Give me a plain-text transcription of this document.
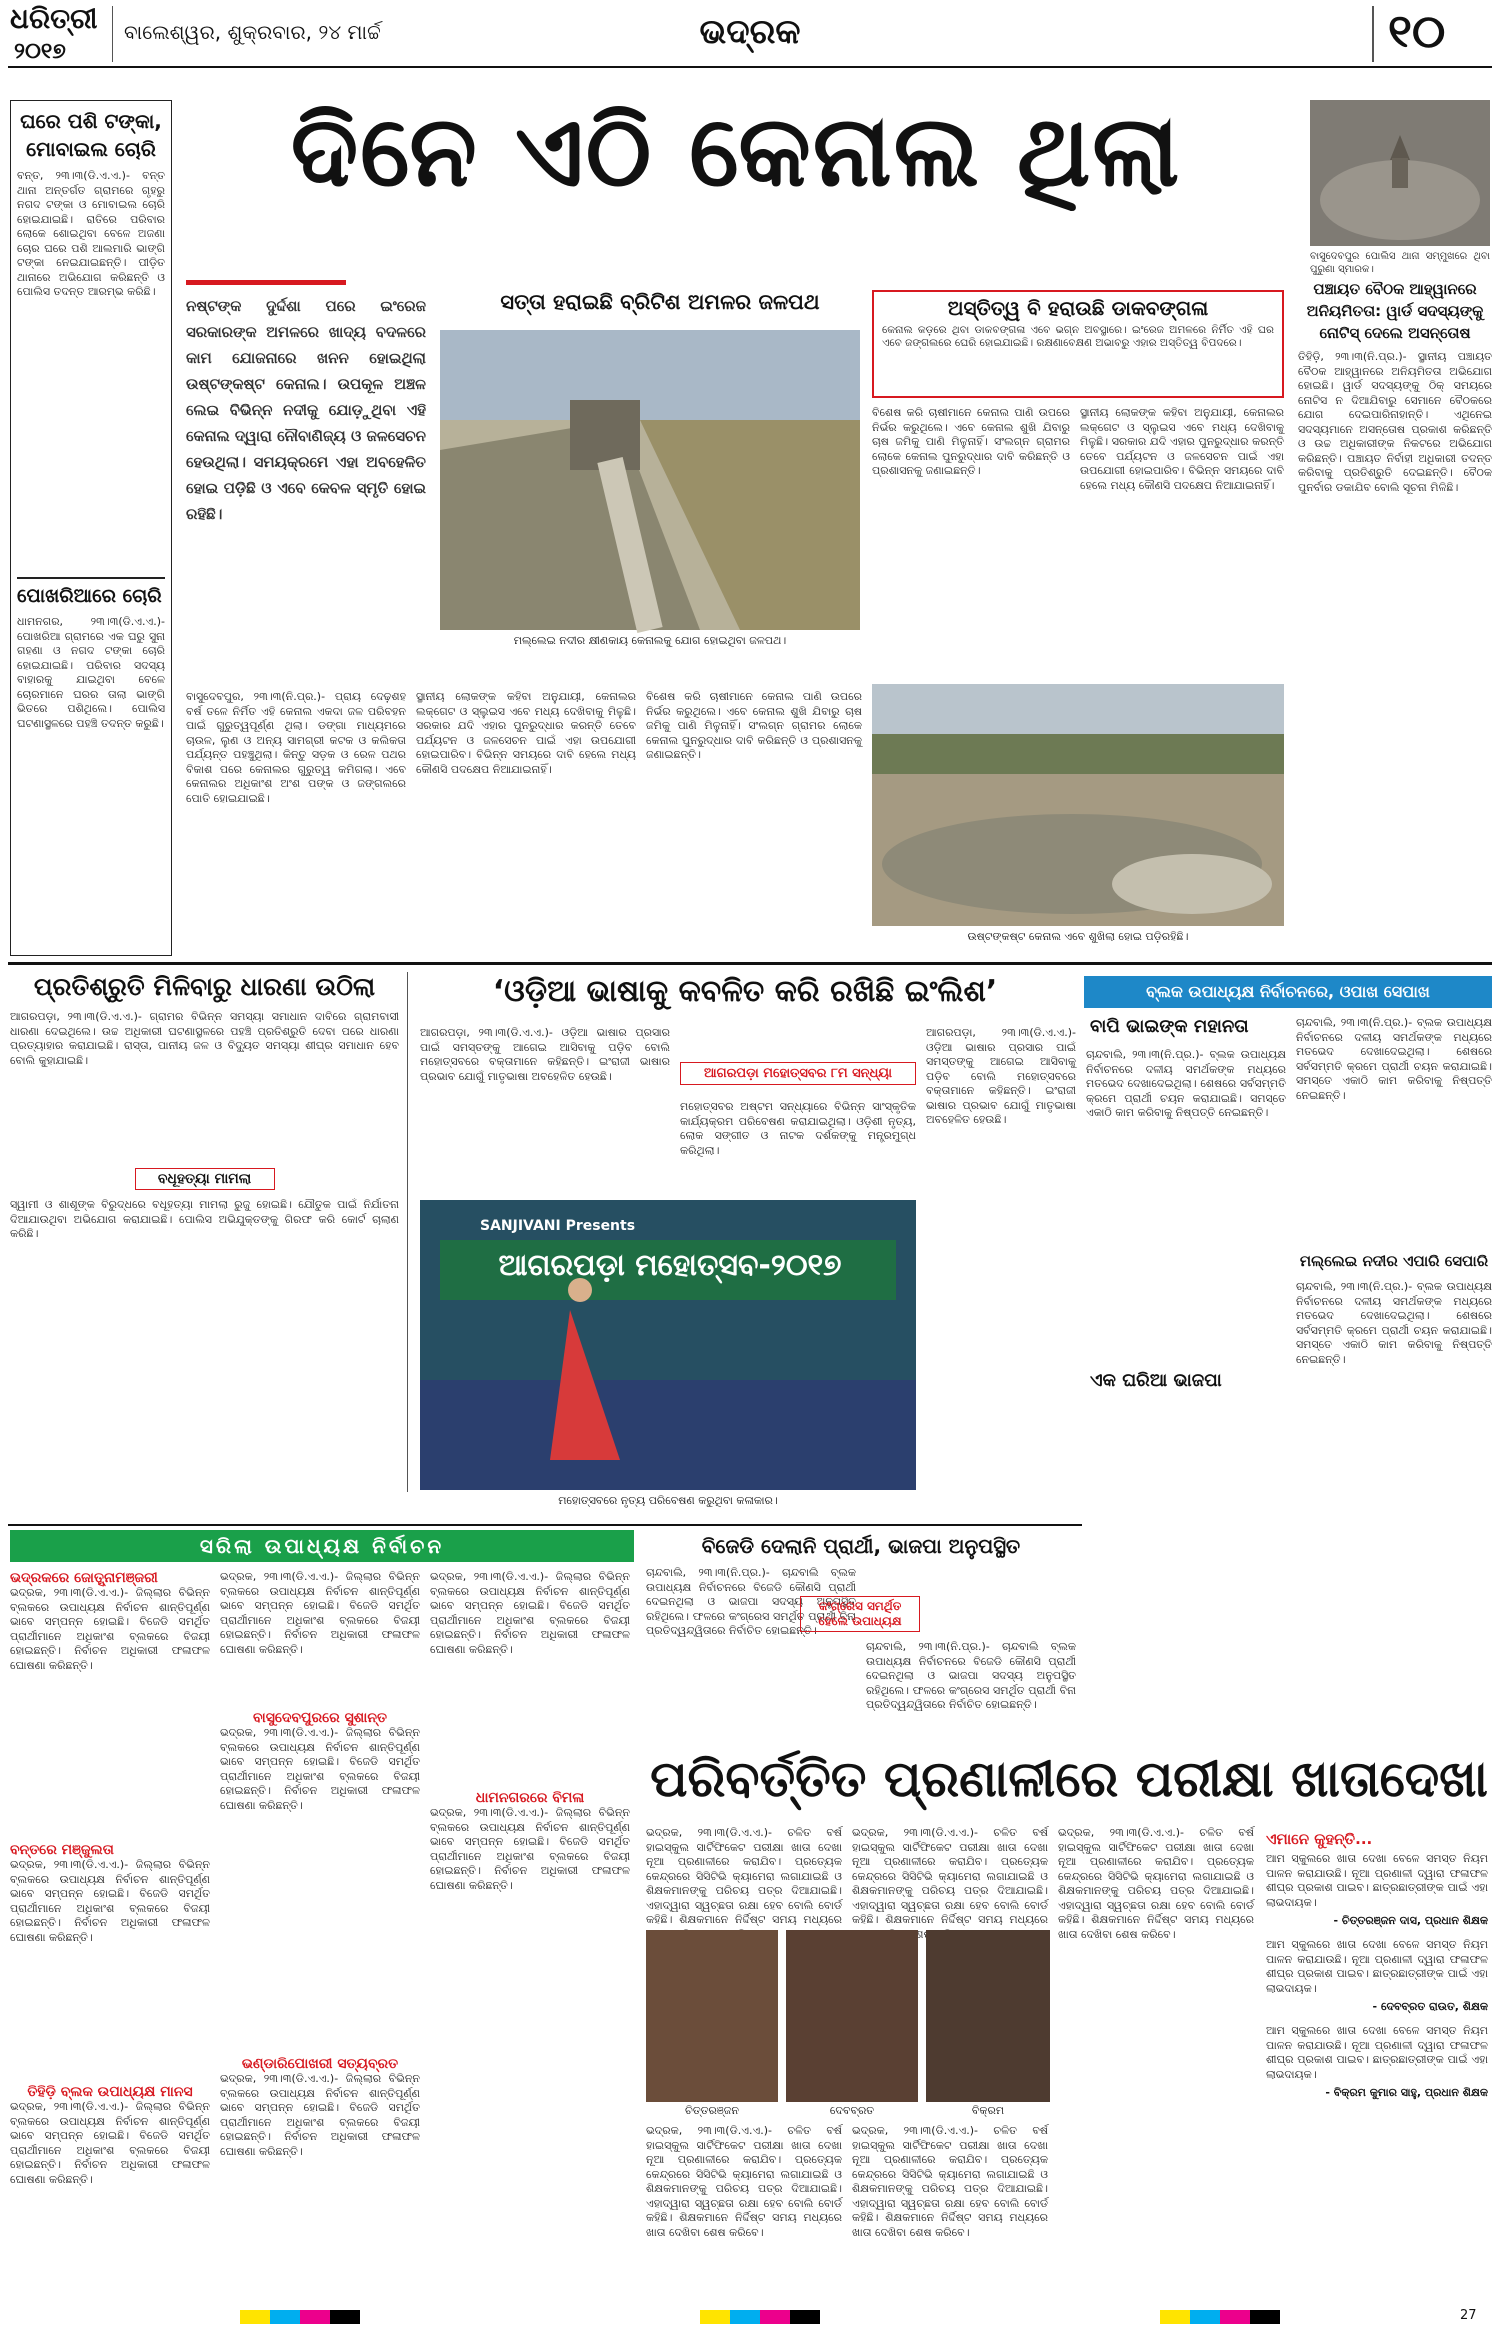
ଧରିତ୍ରୀ
୨୦୧୭
ବାଲେଶ୍ୱର, ଶୁକ୍ରବାର, ୨୪ ମାର୍ଚ୍ଚ	ଭଦ୍ରକ	୧୦
ଘରେ ପଶି ଟଙ୍କା, ମୋବାଇଲ ଚୋରି
ବନ୍ତ, ୨୩।୩(ଡି.ଏ.ଏ.)- ବନ୍ତ ଥାନା ଅନ୍ତର୍ଗତ ଗ୍ରାମରେ ଗୃହରୁ ନଗଦ ଟଙ୍କା ଓ ମୋବାଇଲ ଚୋରି ହୋଇଯାଇଛି। ରାତିରେ ପରିବାର ଲୋକେ ଶୋଇଥିବା ବେଳେ ଅଜଣା ଚୋର ଘରେ ପଶି ଆଲମାରି ଭାଙ୍ଗି ଟଙ୍କା ନେଇଯାଇଛନ୍ତି। ପୀଡ଼ିତ ଥାନାରେ ଅଭିଯୋଗ କରିଛନ୍ତି ଓ ପୋଲିସ ତଦନ୍ତ ଆରମ୍ଭ କରିଛି।
ପୋଖରିଆରେ ଚୋରି
ଧାମନଗର, ୨୩।୩(ଡି.ଏ.ଏ.)- ପୋଖରିଆ ଗ୍ରାମରେ ଏକ ଘରୁ ସୁନା ଗହଣା ଓ ନଗଦ ଟଙ୍କା ଚୋରି ହୋଇଯାଇଛି। ପରିବାର ସଦସ୍ୟ ବାହାରକୁ ଯାଇଥିବା ବେଳେ ଚୋରମାନେ ଘରର ତାଲା ଭାଙ୍ଗି ଭିତରେ ପଶିଥିଲେ। ପୋଲିସ ଘଟଣାସ୍ଥଳରେ ପହଞ୍ଚି ତଦନ୍ତ କରୁଛି।
ଦିନେ ଏଠି କେନାଲ ଥିଲା
ବାସୁଦେବପୁର ପୋଲିସ ଥାନା ସମ୍ମୁଖରେ ଥିବା ପୁରୁଣା ସ୍ମାରକ।
ନଷ୍ଟଙ୍କ ଦୁର୍ଦ୍ଦଶା ପରେ ଇଂରେଜ ସରକାରଙ୍କ ଅମଳରେ ଖାଦ୍ୟ ବଦଳରେ କାମ ଯୋଜନାରେ ଖନନ ହୋଇଥିଲା ଉଷ୍ଟଙ୍କଷ୍ଟ କେନାଲ। ଉପକୂଳ ଅଞ୍ଚଳ ଲେଇ ବିଭିନ୍ନ ନଦୀକୁ ଯୋଡ଼ୁଥିବା ଏହି କେନାଲ ଦ୍ୱାରା ନୌବାଣିଜ୍ୟ ଓ ଜଳସେଚନ ହେଉଥିଲା। ସମୟକ୍ରମେ ଏହା ଅବହେଳିତ ହୋଇ ପଡ଼ିଛି ଓ ଏବେ କେବଳ ସ୍ମୃତି ହୋଇ ରହିଛି।
ସତ୍ତା ହରାଇଛି ବ୍ରିଟିଶ ଅମଳର ଜଳପଥ
ମଲ୍ଲେଇ ନଦୀର କ୍ଷୀଣକାୟ କେନାଲକୁ ଯୋଗ ହୋଇଥିବା ଜଳପଥ।
ଅସ୍ତିତ୍ୱ ବି ହରାଉଛି ଡାକବଙ୍ଗଳା
କେନାଲ କଡ଼ରେ ଥିବା ଡାକବଙ୍ଗଳା ଏବେ ଭଗ୍ନ ଅବସ୍ଥାରେ। ଇଂରେଜ ଅମଳରେ ନିର୍ମିତ ଏହି ଘର ଏବେ ଜଙ୍ଗଲରେ ଘେରି ହୋଇଯାଇଛି। ରକ୍ଷଣାବେକ୍ଷଣ ଅଭାବରୁ ଏହାର ଅସ୍ତିତ୍ୱ ବିପଦରେ।
ବିଶେଷ କରି ଚାଷୀମାନେ କେନାଲ ପାଣି ଉପରେ ନିର୍ଭର କରୁଥିଲେ। ଏବେ କେନାଲ ଶୁଖି ଯିବାରୁ ଚାଷ ଜମିକୁ ପାଣି ମିଳୁନାହିଁ। ସଂଲଗ୍ନ ଗ୍ରାମର ଲୋକେ କେନାଲ ପୁନରୁଦ୍ଧାର ଦାବି କରିଛନ୍ତି ଓ ପ୍ରଶାସନକୁ ଜଣାଇଛନ୍ତି।
ସ୍ଥାନୀୟ ଲୋକଙ୍କ କହିବା ଅନୁଯାୟୀ, କେନାଲର ଲକ୍‌ଗେଟ ଓ ସ୍ଲୁଇସ ଏବେ ମଧ୍ୟ ଦେଖିବାକୁ ମିଳୁଛି। ସରକାର ଯଦି ଏହାର ପୁନରୁଦ୍ଧାର କରନ୍ତି ତେବେ ପର୍ଯ୍ୟଟନ ଓ ଜଳସେଚନ ପାଇଁ ଏହା ଉପଯୋଗୀ ହୋଇପାରିବ। ବିଭିନ୍ନ ସମୟରେ ଦାବି ହେଲେ ମଧ୍ୟ କୌଣସି ପଦକ୍ଷେପ ନିଆଯାଇନାହିଁ।
ଉଷ୍ଟଙ୍କଷ୍ଟ କେନାଲ ଏବେ ଶୁଖିଲା ହୋଇ ପଡ଼ିରହିଛି।
ବାସୁଦେବପୁର, ୨୩।୩(ନି.ପ୍ର.)- ପ୍ରାୟ ଦେଢ଼ଶହ ବର୍ଷ ତଳେ ନିର୍ମିତ ଏହି କେନାଲ ଏକଦା ଜଳ ପରିବହନ ପାଇଁ ଗୁରୁତ୍ୱପୂର୍ଣ୍ଣ ଥିଲା। ଡଙ୍ଗା ମାଧ୍ୟମରେ ଚାଉଳ, ଲୁଣ ଓ ଅନ୍ୟ ସାମଗ୍ରୀ କଟକ ଓ କଲିକତା ପର୍ଯ୍ୟନ୍ତ ପହଞ୍ଚୁଥିଲା। କିନ୍ତୁ ସଡ଼କ ଓ ରେଳ ପଥର ବିକାଶ ପରେ କେନାଲର ଗୁରୁତ୍ୱ କମିଗଲା। ଏବେ କେନାଲର ଅଧିକାଂଶ ଅଂଶ ପଙ୍କ ଓ ଜଙ୍ଗଲରେ ପୋତି ହୋଇଯାଇଛି।
ସ୍ଥାନୀୟ ଲୋକଙ୍କ କହିବା ଅନୁଯାୟୀ, କେନାଲର ଲକ୍‌ଗେଟ ଓ ସ୍ଲୁଇସ ଏବେ ମଧ୍ୟ ଦେଖିବାକୁ ମିଳୁଛି। ସରକାର ଯଦି ଏହାର ପୁନରୁଦ୍ଧାର କରନ୍ତି ତେବେ ପର୍ଯ୍ୟଟନ ଓ ଜଳସେଚନ ପାଇଁ ଏହା ଉପଯୋଗୀ ହୋଇପାରିବ। ବିଭିନ୍ନ ସମୟରେ ଦାବି ହେଲେ ମଧ୍ୟ କୌଣସି ପଦକ୍ଷେପ ନିଆଯାଇନାହିଁ।
ବିଶେଷ କରି ଚାଷୀମାନେ କେନାଲ ପାଣି ଉପରେ ନିର୍ଭର କରୁଥିଲେ। ଏବେ କେନାଲ ଶୁଖି ଯିବାରୁ ଚାଷ ଜମିକୁ ପାଣି ମିଳୁନାହିଁ। ସଂଲଗ୍ନ ଗ୍ରାମର ଲୋକେ କେନାଲ ପୁନରୁଦ୍ଧାର ଦାବି କରିଛନ୍ତି ଓ ପ୍ରଶାସନକୁ ଜଣାଇଛନ୍ତି।
ପଞ୍ଚାୟତ ବୈଠକ ଆହ୍ୱାନରେ ଅନିୟମିତତା: ୱାର୍ଡ ସଦସ୍ୟଙ୍କୁ ନୋଟିସ୍ ଦେଲେ ଅସନ୍ତୋଷ
ତିହିଡ଼ି, ୨୩।୩(ନି.ପ୍ର.)- ସ୍ଥାନୀୟ ପଞ୍ଚାୟତ ବୈଠକ ଆହ୍ୱାନରେ ଅନିୟମିତତା ଅଭିଯୋଗ ହୋଇଛି। ୱାର୍ଡ ସଦସ୍ୟଙ୍କୁ ଠିକ୍ ସମୟରେ ନୋଟିସ ନ ଦିଆଯିବାରୁ ସେମାନେ ବୈଠକରେ ଯୋଗ ଦେଇପାରିନାହାନ୍ତି। ଏଥିନେଇ ସଦସ୍ୟମାନେ ଅସନ୍ତୋଷ ପ୍ରକାଶ କରିଛନ୍ତି ଓ ଉଚ୍ଚ ଅଧିକାରୀଙ୍କ ନିକଟରେ ଅଭିଯୋଗ କରିଛନ୍ତି। ପଞ୍ଚାୟତ ନିର୍ବାହୀ ଅଧିକାରୀ ତଦନ୍ତ କରିବାକୁ ପ୍ରତିଶ୍ରୁତି ଦେଇଛନ୍ତି। ବୈଠକ ପୁନର୍ବାର ଡକାଯିବ ବୋଲି ସୂଚନା ମିଳିଛି।
ପ୍ରତିଶ୍ରୁତି ମିଳିବାରୁ ଧାରଣା ଉଠିଲା
ଆଗରପଡ଼ା, ୨୩।୩(ଡି.ଏ.ଏ.)- ଗ୍ରାମର ବିଭିନ୍ନ ସମସ୍ୟା ସମାଧାନ ଦାବିରେ ଗ୍ରାମବାସୀ ଧାରଣା ଦେଇଥିଲେ। ଉଚ୍ଚ ଅଧିକାରୀ ଘଟଣାସ୍ଥଳରେ ପହଞ୍ଚି ପ୍ରତିଶ୍ରୁତି ଦେବା ପରେ ଧାରଣା ପ୍ରତ୍ୟାହାର କରାଯାଇଛି। ରାସ୍ତା, ପାନୀୟ ଜଳ ଓ ବିଦ୍ୟୁତ ସମସ୍ୟା ଶୀଘ୍ର ସମାଧାନ ହେବ ବୋଲି କୁହାଯାଇଛି।
ବଧୂହତ୍ୟା ମାମଲା
ସ୍ୱାମୀ ଓ ଶାଶୂଙ୍କ ବିରୁଦ୍ଧରେ ବଧୂହତ୍ୟା ମାମଲା ରୁଜୁ ହୋଇଛି। ଯୌତୁକ ପାଇଁ ନିର୍ଯାତନା ଦିଆଯାଉଥିବା ଅଭିଯୋଗ କରାଯାଇଛି। ପୋଲିସ ଅଭିଯୁକ୍ତଙ୍କୁ ଗିରଫ କରି କୋର୍ଟ ଚାଲାଣ କରିଛି।
‘ଓଡ଼ିଆ ଭାଷାକୁ କବଳିତ କରି ରଖିଛି ଇଂଲିଶ’
ଆଗରପଡ଼ା, ୨୩।୩(ଡି.ଏ.ଏ.)- ଓଡ଼ିଆ ଭାଷାର ପ୍ରସାର ପାଇଁ ସମସ୍ତଙ୍କୁ ଆଗେଇ ଆସିବାକୁ ପଡ଼ିବ ବୋଲି ମହୋତ୍ସବରେ ବକ୍ତାମାନେ କହିଛନ୍ତି। ଇଂରାଜୀ ଭାଷାର ପ୍ରଭାବ ଯୋଗୁଁ ମାତୃଭାଷା ଅବହେଳିତ ହେଉଛି।	ଆଗରପଡ଼ା ମହୋତ୍ସବର ୮ମ ସନ୍ଧ୍ୟା
ମହୋତ୍ସବର ଅଷ୍ଟମ ସନ୍ଧ୍ୟାରେ ବିଭିନ୍ନ ସାଂସ୍କୃତିକ କାର୍ଯ୍ୟକ୍ରମ ପରିବେଷଣ କରାଯାଇଥିଲା। ଓଡ଼ିଶୀ ନୃତ୍ୟ, ଲୋକ ସଙ୍ଗୀତ ଓ ନାଟକ ଦର୍ଶକଙ୍କୁ ମନ୍ତ୍ରମୁଗ୍ଧ କରିଥିଲା।
ଆଗରପଡ଼ା, ୨୩।୩(ଡି.ଏ.ଏ.)- ଓଡ଼ିଆ ଭାଷାର ପ୍ରସାର ପାଇଁ ସମସ୍ତଙ୍କୁ ଆଗେଇ ଆସିବାକୁ ପଡ଼ିବ ବୋଲି ମହୋତ୍ସବରେ ବକ୍ତାମାନେ କହିଛନ୍ତି। ଇଂରାଜୀ ଭାଷାର ପ୍ରଭାବ ଯୋଗୁଁ ମାତୃଭାଷା ଅବହେଳିତ ହେଉଛି।
SANJIVANI Presents
ଆଗରପଡ଼ା ମହୋତ୍ସବ-୨୦୧୭
ମହୋତ୍ସବରେ ନୃତ୍ୟ ପରିବେଷଣ କରୁଥିବା କଳାକାର।
ବ୍ଲକ ଉପାଧ୍ୟକ୍ଷ ନିର୍ବାଚନରେ, ଓପାଖ ସେପାଖ
ବାପି ଭାଇଙ୍କ ମହାନତା
ଚାନ୍ଦବାଲି, ୨୩।୩(ନି.ପ୍ର.)- ବ୍ଲକ ଉପାଧ୍ୟକ୍ଷ ନିର୍ବାଚନରେ ଦଳୀୟ ସମର୍ଥକଙ୍କ ମଧ୍ୟରେ ମତଭେଦ ଦେଖାଦେଇଥିଲା। ଶେଷରେ ସର୍ବସମ୍ମତି କ୍ରମେ ପ୍ରାର୍ଥୀ ଚୟନ କରାଯାଇଛି। ସମସ୍ତେ ଏକାଠି କାମ କରିବାକୁ ନିଷ୍ପତ୍ତି ନେଇଛନ୍ତି।
ଚାନ୍ଦବାଲି, ୨୩।୩(ନି.ପ୍ର.)- ବ୍ଲକ ଉପାଧ୍ୟକ୍ଷ ନିର୍ବାଚନରେ ଦଳୀୟ ସମର୍ଥକଙ୍କ ମଧ୍ୟରେ ମତଭେଦ ଦେଖାଦେଇଥିଲା। ଶେଷରେ ସର୍ବସମ୍ମତି କ୍ରମେ ପ୍ରାର୍ଥୀ ଚୟନ କରାଯାଇଛି। ସମସ୍ତେ ଏକାଠି କାମ କରିବାକୁ ନିଷ୍ପତ୍ତି ନେଇଛନ୍ତି।
ମଲ୍ଲେଇ ନଦୀର ଏପାରି ସେପାରି
ଚାନ୍ଦବାଲି, ୨୩।୩(ନି.ପ୍ର.)- ବ୍ଲକ ଉପାଧ୍ୟକ୍ଷ ନିର୍ବାଚନରେ ଦଳୀୟ ସମର୍ଥକଙ୍କ ମଧ୍ୟରେ ମତଭେଦ ଦେଖାଦେଇଥିଲା। ଶେଷରେ ସର୍ବସମ୍ମତି କ୍ରମେ ପ୍ରାର୍ଥୀ ଚୟନ କରାଯାଇଛି। ସମସ୍ତେ ଏକାଠି କାମ କରିବାକୁ ନିଷ୍ପତ୍ତି ନେଇଛନ୍ତି।
ଏକ ଘରିଆ ଭାଜପା
ସରିଲା ଉପାଧ୍ୟକ୍ଷ ନିର୍ବାଚନ
ଭଦ୍ରକରେ ଜୋତ୍ସ୍ନାମଞ୍ଜରୀ
ଭଦ୍ରକ, ୨୩।୩(ଡି.ଏ.ଏ.)- ଜିଲ୍ଲାର ବିଭିନ୍ନ ବ୍ଲକରେ ଉପାଧ୍ୟକ୍ଷ ନିର୍ବାଚନ ଶାନ୍ତିପୂର୍ଣ୍ଣ ଭାବେ ସମ୍ପନ୍ନ ହୋଇଛି। ବିଜେଡି ସମର୍ଥିତ ପ୍ରାର୍ଥୀମାନେ ଅଧିକାଂଶ ବ୍ଲକରେ ବିଜୟୀ ହୋଇଛନ୍ତି। ନିର୍ବାଚନ ଅଧିକାରୀ ଫଳାଫଳ ଘୋଷଣା କରିଛନ୍ତି।
ବନ୍ତରେ ମଞ୍ଜୁଲତା
ଭଦ୍ରକ, ୨୩।୩(ଡି.ଏ.ଏ.)- ଜିଲ୍ଲାର ବିଭିନ୍ନ ବ୍ଲକରେ ଉପାଧ୍ୟକ୍ଷ ନିର୍ବାଚନ ଶାନ୍ତିପୂର୍ଣ୍ଣ ଭାବେ ସମ୍ପନ୍ନ ହୋଇଛି। ବିଜେଡି ସମର୍ଥିତ ପ୍ରାର୍ଥୀମାନେ ଅଧିକାଂଶ ବ୍ଲକରେ ବିଜୟୀ ହୋଇଛନ୍ତି। ନିର୍ବାଚନ ଅଧିକାରୀ ଫଳାଫଳ ଘୋଷଣା କରିଛନ୍ତି।
ତିହିଡ଼ି ବ୍ଲକ ଉପାଧ୍ୟକ୍ଷ ମାନସ
ଭଦ୍ରକ, ୨୩।୩(ଡି.ଏ.ଏ.)- ଜିଲ୍ଲାର ବିଭିନ୍ନ ବ୍ଲକରେ ଉପାଧ୍ୟକ୍ଷ ନିର୍ବାଚନ ଶାନ୍ତିପୂର୍ଣ୍ଣ ଭାବେ ସମ୍ପନ୍ନ ହୋଇଛି। ବିଜେଡି ସମର୍ଥିତ ପ୍ରାର୍ଥୀମାନେ ଅଧିକାଂଶ ବ୍ଲକରେ ବିଜୟୀ ହୋଇଛନ୍ତି। ନିର୍ବାଚନ ଅଧିକାରୀ ଫଳାଫଳ ଘୋଷଣା କରିଛନ୍ତି।
ଭଦ୍ରକ, ୨୩।୩(ଡି.ଏ.ଏ.)- ଜିଲ୍ଲାର ବିଭିନ୍ନ ବ୍ଲକରେ ଉପାଧ୍ୟକ୍ଷ ନିର୍ବାଚନ ଶାନ୍ତିପୂର୍ଣ୍ଣ ଭାବେ ସମ୍ପନ୍ନ ହୋଇଛି। ବିଜେଡି ସମର୍ଥିତ ପ୍ରାର୍ଥୀମାନେ ଅଧିକାଂଶ ବ୍ଲକରେ ବିଜୟୀ ହୋଇଛନ୍ତି। ନିର୍ବାଚନ ଅଧିକାରୀ ଫଳାଫଳ ଘୋଷଣା କରିଛନ୍ତି।
ବାସୁଦେବପୁରରେ ସୁଶାନ୍ତ
ଭଦ୍ରକ, ୨୩।୩(ଡି.ଏ.ଏ.)- ଜିଲ୍ଲାର ବିଭିନ୍ନ ବ୍ଲକରେ ଉପାଧ୍ୟକ୍ଷ ନିର୍ବାଚନ ଶାନ୍ତିପୂର୍ଣ୍ଣ ଭାବେ ସମ୍ପନ୍ନ ହୋଇଛି। ବିଜେଡି ସମର୍ଥିତ ପ୍ରାର୍ଥୀମାନେ ଅଧିକାଂଶ ବ୍ଲକରେ ବିଜୟୀ ହୋଇଛନ୍ତି। ନିର୍ବାଚନ ଅଧିକାରୀ ଫଳାଫଳ ଘୋଷଣା କରିଛନ୍ତି।
ଭଣ୍ଡାରିପୋଖରୀ ସତ୍ୟବ୍ରତ
ଭଦ୍ରକ, ୨୩।୩(ଡି.ଏ.ଏ.)- ଜିଲ୍ଲାର ବିଭିନ୍ନ ବ୍ଲକରେ ଉପାଧ୍ୟକ୍ଷ ନିର୍ବାଚନ ଶାନ୍ତିପୂର୍ଣ୍ଣ ଭାବେ ସମ୍ପନ୍ନ ହୋଇଛି। ବିଜେଡି ସମର୍ଥିତ ପ୍ରାର୍ଥୀମାନେ ଅଧିକାଂଶ ବ୍ଲକରେ ବିଜୟୀ ହୋଇଛନ୍ତି। ନିର୍ବାଚନ ଅଧିକାରୀ ଫଳାଫଳ ଘୋଷଣା କରିଛନ୍ତି।
ଭଦ୍ରକ, ୨୩।୩(ଡି.ଏ.ଏ.)- ଜିଲ୍ଲାର ବିଭିନ୍ନ ବ୍ଲକରେ ଉପାଧ୍ୟକ୍ଷ ନିର୍ବାଚନ ଶାନ୍ତିପୂର୍ଣ୍ଣ ଭାବେ ସମ୍ପନ୍ନ ହୋଇଛି। ବିଜେଡି ସମର୍ଥିତ ପ୍ରାର୍ଥୀମାନେ ଅଧିକାଂଶ ବ୍ଲକରେ ବିଜୟୀ ହୋଇଛନ୍ତି। ନିର୍ବାଚନ ଅଧିକାରୀ ଫଳାଫଳ ଘୋଷଣା କରିଛନ୍ତି।
ଧାମନଗରରେ ବିମଳା
ଭଦ୍ରକ, ୨୩।୩(ଡି.ଏ.ଏ.)- ଜିଲ୍ଲାର ବିଭିନ୍ନ ବ୍ଲକରେ ଉପାଧ୍ୟକ୍ଷ ନିର୍ବାଚନ ଶାନ୍ତିପୂର୍ଣ୍ଣ ଭାବେ ସମ୍ପନ୍ନ ହୋଇଛି। ବିଜେଡି ସମର୍ଥିତ ପ୍ରାର୍ଥୀମାନେ ଅଧିକାଂଶ ବ୍ଲକରେ ବିଜୟୀ ହୋଇଛନ୍ତି। ନିର୍ବାଚନ ଅଧିକାରୀ ଫଳାଫଳ ଘୋଷଣା କରିଛନ୍ତି।
ବିଜେଡି ଦେଲାନି ପ୍ରାର୍ଥୀ, ଭାଜପା ଅନୁପସ୍ଥିତ
ଚାନ୍ଦବାଲି, ୨୩।୩(ନି.ପ୍ର.)- ଚାନ୍ଦବାଲି ବ୍ଲକ ଉପାଧ୍ୟକ୍ଷ ନିର୍ବାଚନରେ ବିଜେଡି କୌଣସି ପ୍ରାର୍ଥୀ ଦେଇନଥିଲା ଓ ଭାଜପା ସଦସ୍ୟ ଅନୁପସ୍ଥିତ ରହିଥିଲେ। ଫଳରେ କଂଗ୍ରେସ ସମର୍ଥିତ ପ୍ରାର୍ଥୀ ବିନା ପ୍ରତିଦ୍ୱନ୍ଦ୍ୱିତାରେ ନିର୍ବାଚିତ ହୋଇଛନ୍ତି।
କଂଗ୍ରେସ ସମର୍ଥିତ ହେଲେ ଉପାଧ୍ୟକ୍ଷ
ଚାନ୍ଦବାଲି, ୨୩।୩(ନି.ପ୍ର.)- ଚାନ୍ଦବାଲି ବ୍ଲକ ଉପାଧ୍ୟକ୍ଷ ନିର୍ବାଚନରେ ବିଜେଡି କୌଣସି ପ୍ରାର୍ଥୀ ଦେଇନଥିଲା ଓ ଭାଜପା ସଦସ୍ୟ ଅନୁପସ୍ଥିତ ରହିଥିଲେ। ଫଳରେ କଂଗ୍ରେସ ସମର୍ଥିତ ପ୍ରାର୍ଥୀ ବିନା ପ୍ରତିଦ୍ୱନ୍ଦ୍ୱିତାରେ ନିର୍ବାଚିତ ହୋଇଛନ୍ତି।
ପରିବର୍ତ୍ତିତ ପ୍ରଣାଳୀରେ ପରୀକ୍ଷା ଖାତାଦେଖା
ଭଦ୍ରକ, ୨୩।୩(ଡି.ଏ.ଏ.)- ଚଳିତ ବର୍ଷ ହାଇସ୍କୁଲ ସାର୍ଟିଫିକେଟ ପରୀକ୍ଷା ଖାତା ଦେଖା ନୂଆ ପ୍ରଣାଳୀରେ କରାଯିବ। ପ୍ରତ୍ୟେକ କେନ୍ଦ୍ରରେ ସିସିଟିଭି କ୍ୟାମେରା ଲଗାଯାଇଛି ଓ ଶିକ୍ଷକମାନଙ୍କୁ ପରିଚୟ ପତ୍ର ଦିଆଯାଇଛି। ଏହାଦ୍ୱାରା ସ୍ୱଚ୍ଛତା ରକ୍ଷା ହେବ ବୋଲି ବୋର୍ଡ କହିଛି। ଶିକ୍ଷକମାନେ ନିର୍ଦ୍ଦିଷ୍ଟ ସମୟ ମଧ୍ୟରେ
ଭଦ୍ରକ, ୨୩।୩(ଡି.ଏ.ଏ.)- ଚଳିତ ବର୍ଷ ହାଇସ୍କୁଲ ସାର୍ଟିଫିକେଟ ପରୀକ୍ଷା ଖାତା ଦେଖା ନୂଆ ପ୍ରଣାଳୀରେ କରାଯିବ। ପ୍ରତ୍ୟେକ କେନ୍ଦ୍ରରେ ସିସିଟିଭି କ୍ୟାମେରା ଲଗାଯାଇଛି ଓ ଶିକ୍ଷକମାନଙ୍କୁ ପରିଚୟ ପତ୍ର ଦିଆଯାଇଛି। ଏହାଦ୍ୱାରା ସ୍ୱଚ୍ଛତା ରକ୍ଷା ହେବ ବୋଲି ବୋର୍ଡ କହିଛି। ଶିକ୍ଷକମାନେ ନିର୍ଦ୍ଦିଷ୍ଟ ସମୟ ମଧ୍ୟରେ ଶେଷ
ଭଦ୍ରକ, ୨୩।୩(ଡି.ଏ.ଏ.)- ଚଳିତ ବର୍ଷ ହାଇସ୍କୁଲ ସାର୍ଟିଫିକେଟ ପରୀକ୍ଷା ଖାତା ଦେଖା ନୂଆ ପ୍ରଣାଳୀରେ କରାଯିବ। ପ୍ରତ୍ୟେକ କେନ୍ଦ୍ରରେ ସିସିଟିଭି କ୍ୟାମେରା ଲଗାଯାଇଛି ଓ ଶିକ୍ଷକମାନଙ୍କୁ ପରିଚୟ ପତ୍ର ଦିଆଯାଇଛି। ଏହାଦ୍ୱାରା ସ୍ୱଚ୍ଛତା ରକ୍ଷା ହେବ ବୋଲି ବୋର୍ଡ କହିଛି। ଶିକ୍ଷକମାନେ ନିର୍ଦ୍ଦିଷ୍ଟ ସମୟ ମଧ୍ୟରେ ଖାତା ଦେଖିବା ଶେଷ କରିବେ।
ଚିତ୍ତରଞ୍ଜନ	ଦେବବ୍ରତ	ବିକ୍ରମ
ଭଦ୍ରକ, ୨୩।୩(ଡି.ଏ.ଏ.)- ଚଳିତ ବର୍ଷ ହାଇସ୍କୁଲ ସାର୍ଟିଫିକେଟ ପରୀକ୍ଷା ଖାତା ଦେଖା ନୂଆ ପ୍ରଣାଳୀରେ କରାଯିବ। ପ୍ରତ୍ୟେକ କେନ୍ଦ୍ରରେ ସିସିଟିଭି କ୍ୟାମେରା ଲଗାଯାଇଛି ଓ ଶିକ୍ଷକମାନଙ୍କୁ ପରିଚୟ ପତ୍ର ଦିଆଯାଇଛି। ଏହାଦ୍ୱାରା ସ୍ୱଚ୍ଛତା ରକ୍ଷା ହେବ ବୋଲି ବୋର୍ଡ କହିଛି। ଶିକ୍ଷକମାନେ ନିର୍ଦ୍ଦିଷ୍ଟ ସମୟ ମଧ୍ୟରେ ଖାତା ଦେଖିବା ଶେଷ କରିବେ।
ଭଦ୍ରକ, ୨୩।୩(ଡି.ଏ.ଏ.)- ଚଳିତ ବର୍ଷ ହାଇସ୍କୁଲ ସାର୍ଟିଫିକେଟ ପରୀକ୍ଷା ଖାତା ଦେଖା ନୂଆ ପ୍ରଣାଳୀରେ କରାଯିବ। ପ୍ରତ୍ୟେକ କେନ୍ଦ୍ରରେ ସିସିଟିଭି କ୍ୟାମେରା ଲଗାଯାଇଛି ଓ ଶିକ୍ଷକମାନଙ୍କୁ ପରିଚୟ ପତ୍ର ଦିଆଯାଇଛି। ଏହାଦ୍ୱାରା ସ୍ୱଚ୍ଛତା ରକ୍ଷା ହେବ ବୋଲି ବୋର୍ଡ କହିଛି। ଶିକ୍ଷକମାନେ ନିର୍ଦ୍ଦିଷ୍ଟ ସମୟ ମଧ୍ୟରେ ଖାତା ଦେଖିବା ଶେଷ କରିବେ।
ଏମାନେ କୁହନ୍ତି...
ଆମ ସ୍କୁଲରେ ଖାତା ଦେଖା ବେଳେ ସମସ୍ତ ନିୟମ ପାଳନ କରାଯାଉଛି। ନୂଆ ପ୍ରଣାଳୀ ଦ୍ୱାରା ଫଳାଫଳ ଶୀଘ୍ର ପ୍ରକାଶ ପାଇବ। ଛାତ୍ରଛାତ୍ରୀଙ୍କ ପାଇଁ ଏହା ଲାଭଦାୟକ।
- ଚିତ୍ତରଞ୍ଜନ ଦାସ, ପ୍ରଧାନ ଶିକ୍ଷକ
ଆମ ସ୍କୁଲରେ ଖାତା ଦେଖା ବେଳେ ସମସ୍ତ ନିୟମ ପାଳନ କରାଯାଉଛି। ନୂଆ ପ୍ରଣାଳୀ ଦ୍ୱାରା ଫଳାଫଳ ଶୀଘ୍ର ପ୍ରକାଶ ପାଇବ। ଛାତ୍ରଛାତ୍ରୀଙ୍କ ପାଇଁ ଏହା ଲାଭଦାୟକ।
- ଦେବବ୍ରତ ରାଉତ, ଶିକ୍ଷକ
ଆମ ସ୍କୁଲରେ ଖାତା ଦେଖା ବେଳେ ସମସ୍ତ ନିୟମ ପାଳନ କରାଯାଉଛି। ନୂଆ ପ୍ରଣାଳୀ ଦ୍ୱାରା ଫଳାଫଳ ଶୀଘ୍ର ପ୍ରକାଶ ପାଇବ। ଛାତ୍ରଛାତ୍ରୀଙ୍କ ପାଇଁ ଏହା ଲାଭଦାୟକ।
- ବିକ୍ରମ କୁମାର ସାହୁ, ପ୍ରଧାନ ଶିକ୍ଷକ
27
